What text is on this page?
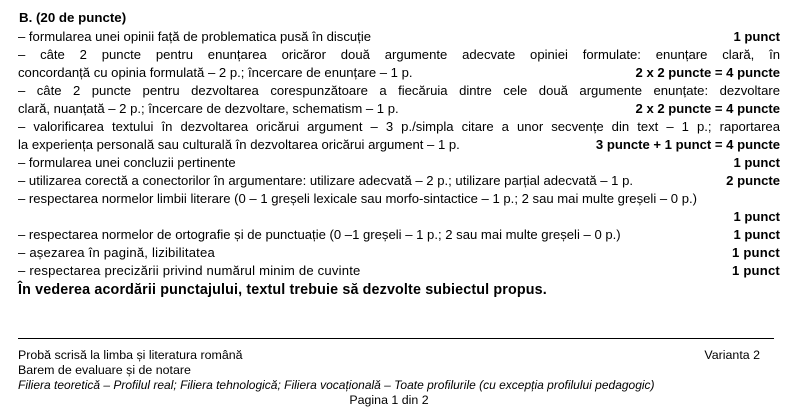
B. (20 de puncte)
– formularea unei opinii față de problematica pusă în discuție	1 punct
– câte 2 puncte pentru enunțarea oricăror două argumente adecvate opiniei formulate: enunțare clară, în
concordanță cu opinia formulată – 2 p.; încercare de enunțare – 1 p.	2 x 2 puncte = 4 puncte
– câte 2 puncte pentru dezvoltarea corespunzătoare a fiecăruia dintre cele două argumente enunțate: dezvoltare
clară, nuanțată – 2 p.; încercare de dezvoltare, schematism – 1 p.	2 x 2 puncte = 4 puncte
– valorificarea textului în dezvoltarea oricărui argument – 3 p./simpla citare a unor secvențe din text – 1 p.; raportarea
la experiența personală sau culturală în dezvoltarea oricărui argument – 1 p.	3 puncte + 1 punct = 4 puncte
– formularea unei concluzii pertinente	1 punct
– utilizarea corectă a conectorilor în argumentare: utilizare adecvată – 2 p.; utilizare parțial adecvată – 1 p.	2 puncte
– respectarea normelor limbii literare (0 – 1 greșeli lexicale sau morfo-sintactice – 1 p.; 2 sau mai multe greșeli – 0 p.)
1 punct
– respectarea normelor de ortografie și de punctuație (0 –1 greșeli – 1 p.; 2 sau mai multe greșeli – 0 p.)	1 punct
– așezarea în pagină, lizibilitatea	1 punct
– respectarea precizării privind numărul minim de cuvinte	1 punct
În vederea acordării punctajului, textul trebuie să dezvolte subiectul propus.
Probă scrisă la limba și literatura română	Varianta 2
Barem de evaluare și de notare
Filiera teoretică – Profilul real; Filiera tehnologică; Filiera vocațională – Toate profilurile (cu excepția profilului pedagogic)
Pagina 1 din 2
